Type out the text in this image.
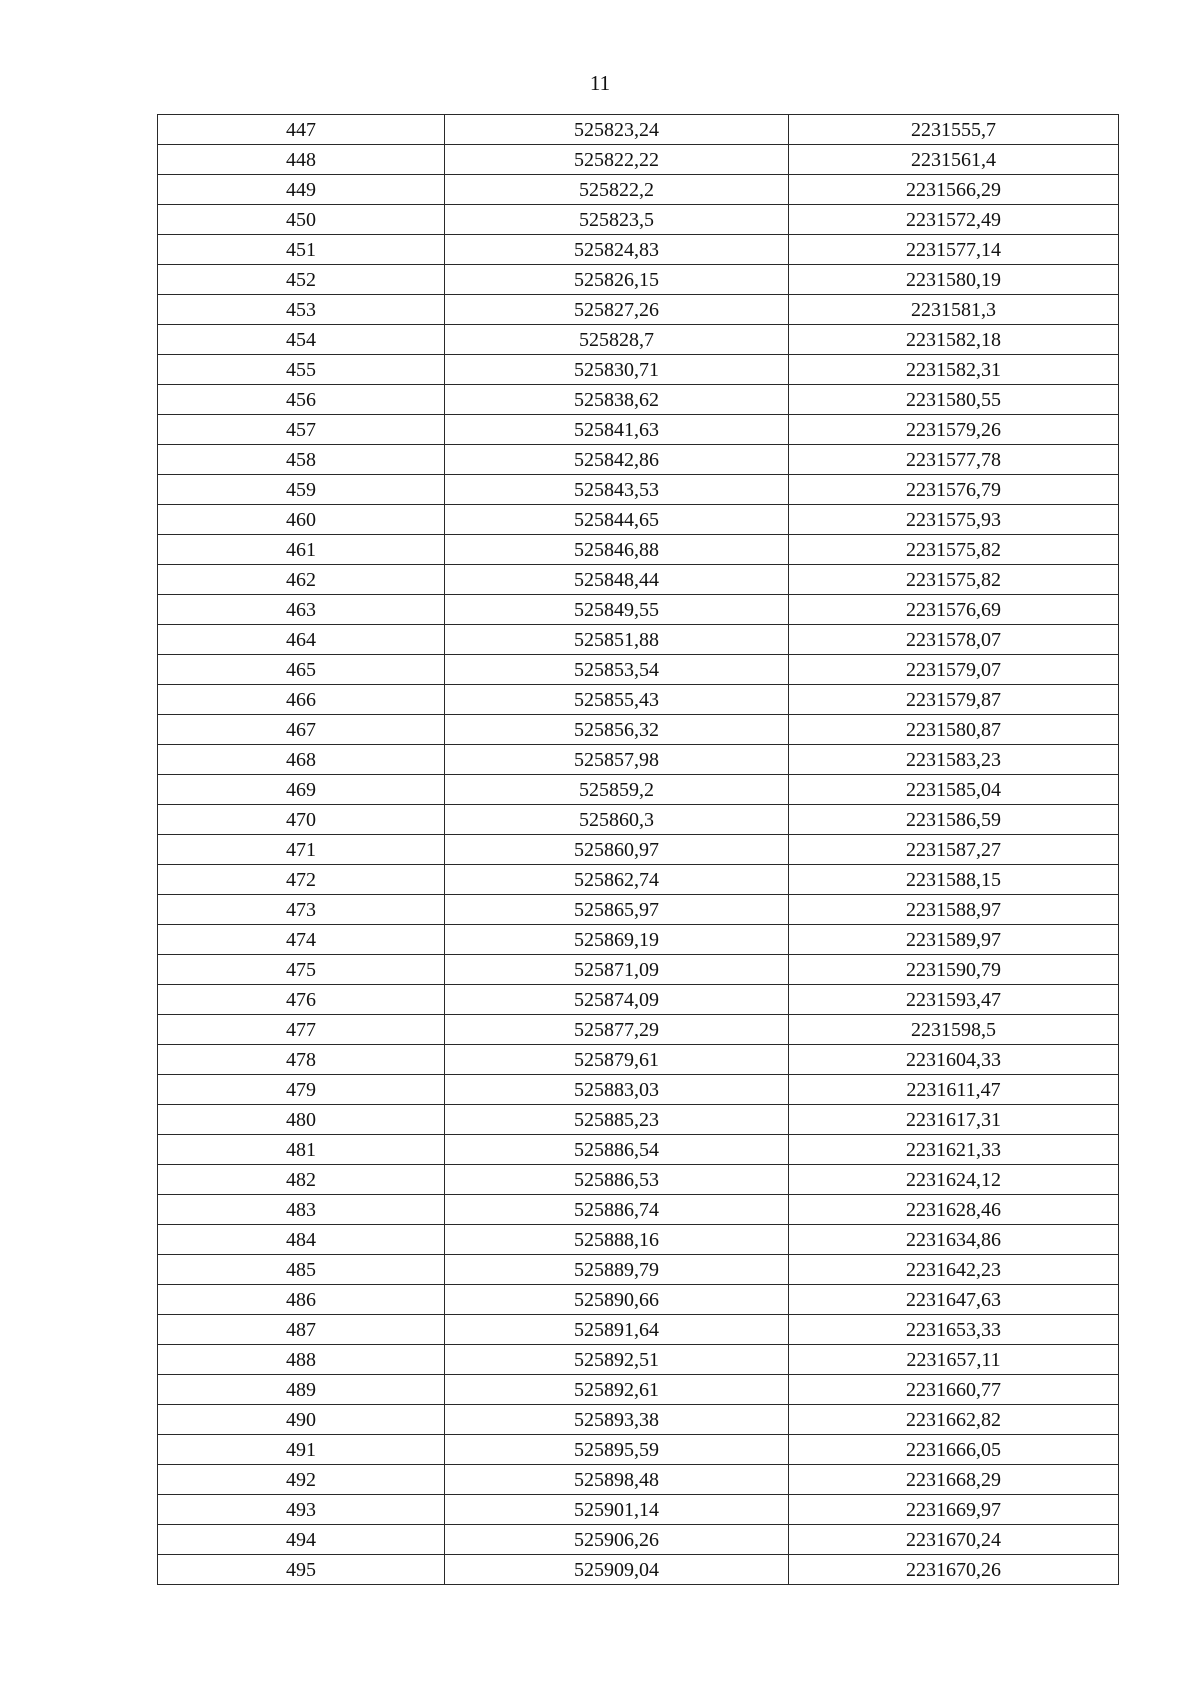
11
447	525823,24	2231555,7
448	525822,22	2231561,4
449	525822,2	2231566,29
450	525823,5	2231572,49
451	525824,83	2231577,14
452	525826,15	2231580,19
453	525827,26	2231581,3
454	525828,7	2231582,18
455	525830,71	2231582,31
456	525838,62	2231580,55
457	525841,63	2231579,26
458	525842,86	2231577,78
459	525843,53	2231576,79
460	525844,65	2231575,93
461	525846,88	2231575,82
462	525848,44	2231575,82
463	525849,55	2231576,69
464	525851,88	2231578,07
465	525853,54	2231579,07
466	525855,43	2231579,87
467	525856,32	2231580,87
468	525857,98	2231583,23
469	525859,2	2231585,04
470	525860,3	2231586,59
471	525860,97	2231587,27
472	525862,74	2231588,15
473	525865,97	2231588,97
474	525869,19	2231589,97
475	525871,09	2231590,79
476	525874,09	2231593,47
477	525877,29	2231598,5
478	525879,61	2231604,33
479	525883,03	2231611,47
480	525885,23	2231617,31
481	525886,54	2231621,33
482	525886,53	2231624,12
483	525886,74	2231628,46
484	525888,16	2231634,86
485	525889,79	2231642,23
486	525890,66	2231647,63
487	525891,64	2231653,33
488	525892,51	2231657,11
489	525892,61	2231660,77
490	525893,38	2231662,82
491	525895,59	2231666,05
492	525898,48	2231668,29
493	525901,14	2231669,97
494	525906,26	2231670,24
495	525909,04	2231670,26
